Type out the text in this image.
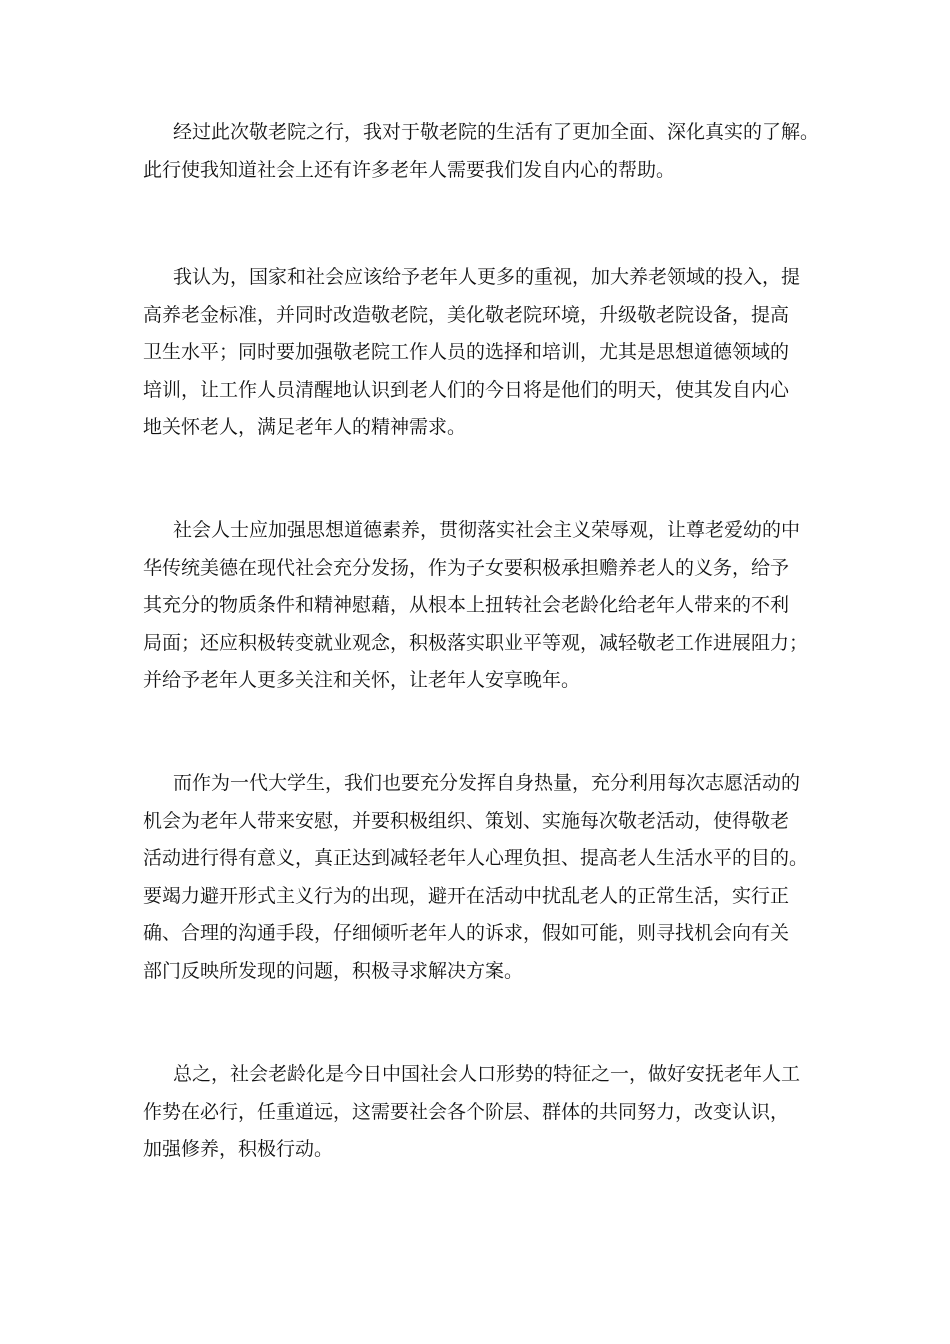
经过此次敬老院之行，我对于敬老院的生活有了更加全面、深化真实的了解。
此行使我知道社会上还有许多老年人需要我们发自内心的帮助。
我认为，国家和社会应该给予老年人更多的重视，加大养老领域的投入，提
高养老金标准，并同时改造敬老院，美化敬老院环境，升级敬老院设备，提高
卫生水平；同时要加强敬老院工作人员的选择和培训，尤其是思想道德领域的
培训，让工作人员清醒地认识到老人们的今日将是他们的明天，使其发自内心
地关怀老人，满足老年人的精神需求。
社会人士应加强思想道德素养，贯彻落实社会主义荣辱观，让尊老爱幼的中
华传统美德在现代社会充分发扬，作为子女要积极承担赡养老人的义务，给予
其充分的物质条件和精神慰藉，从根本上扭转社会老龄化给老年人带来的不利
局面；还应积极转变就业观念，积极落实职业平等观，减轻敬老工作进展阻力；
并给予老年人更多关注和关怀，让老年人安享晚年。
而作为一代大学生，我们也要充分发挥自身热量，充分利用每次志愿活动的
机会为老年人带来安慰，并要积极组织、策划、实施每次敬老活动，使得敬老
活动进行得有意义，真正达到减轻老年人心理负担、提高老人生活水平的目的。
要竭力避开形式主义行为的出现，避开在活动中扰乱老人的正常生活，实行正
确、合理的沟通手段，仔细倾听老年人的诉求，假如可能，则寻找机会向有关
部门反映所发现的问题，积极寻求解决方案。
总之，社会老龄化是今日中国社会人口形势的特征之一，做好安抚老年人工
作势在必行，任重道远，这需要社会各个阶层、群体的共同努力，改变认识，
加强修养，积极行动。
